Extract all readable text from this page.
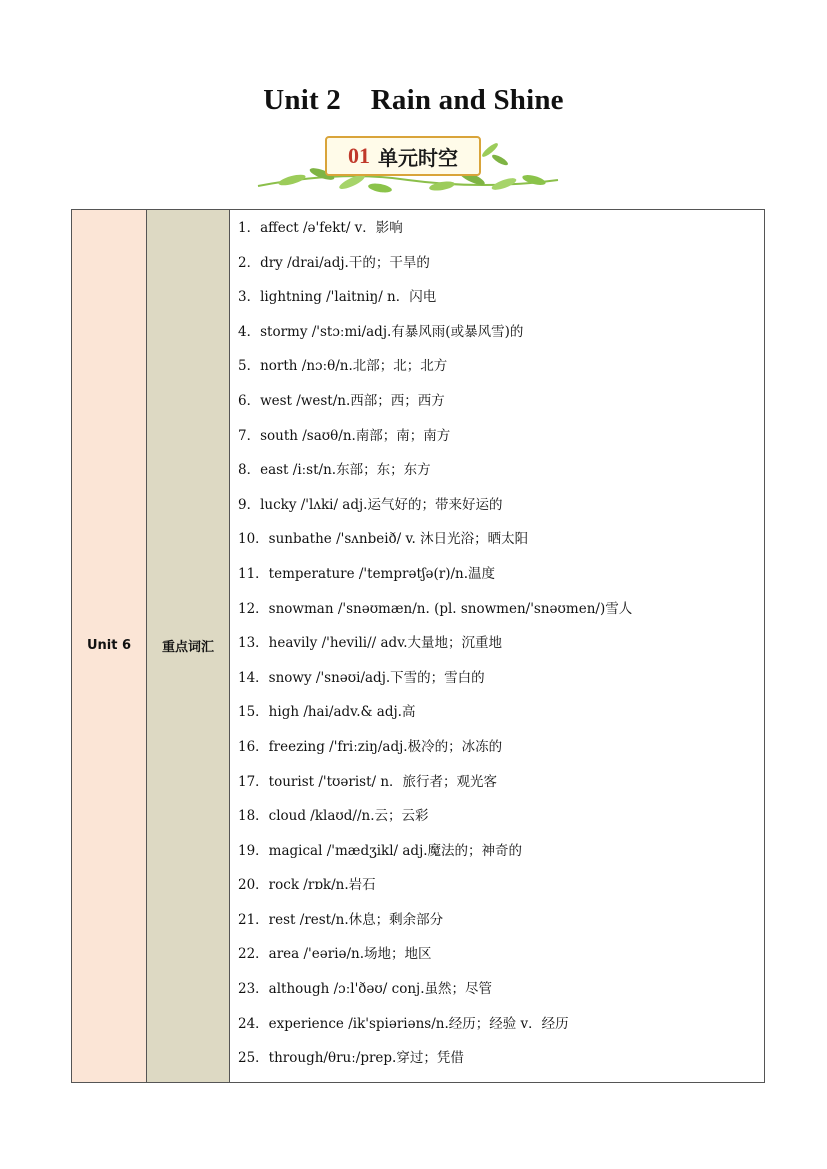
Unit 2    Rain and Shine
01 单元时空
Unit 6	重点词汇	
1．affect /ə'fekt/ v．影响
2．dry /drai/adj.干的；干旱的
3．lightning /'laitniŋ/ n．闪电
4．stormy /'stɔːmi/adj.有暴风雨(或暴风雪)的
5．north /nɔːθ/n.北部；北；北方
6．west /west/n.西部；西；西方
7．south /saʊθ/n.南部；南；南方
8．east /iːst/n.东部；东；东方
9．lucky /'lʌki/ adj.运气好的；带来好运的
10．sunbathe /'sʌnbeið/ v. 沐日光浴；晒太阳
11．temperature /'temprətʃə(r)/n.温度
12．snowman /'snəʊmæn/n. (pl. snowmen/'snəʊmen/)雪人
13．heavily /'hevili// adv.大量地；沉重地
14．snowy /'snəʊi/adj.下雪的；雪白的
15．high /hai/adv.& adj.高
16．freezing /'friːziŋ/adj.极冷的；冰冻的
17．tourist /'tʊərist/ n．旅行者；观光客
18．cloud /klaʊd//n.云；云彩
19．magical /'mædʒikl/ adj.魔法的；神奇的
20．rock /rɒk/n.岩石
21．rest /rest/n.休息；剩余部分
22．area /'eəriə/n.场地；地区
23．although /ɔːl'ðəʊ/ conj.虽然；尽管
24．experience /ik'spiəriəns/n.经历；经验 v．经历
25．through/θruː/prep.穿过；凭借
